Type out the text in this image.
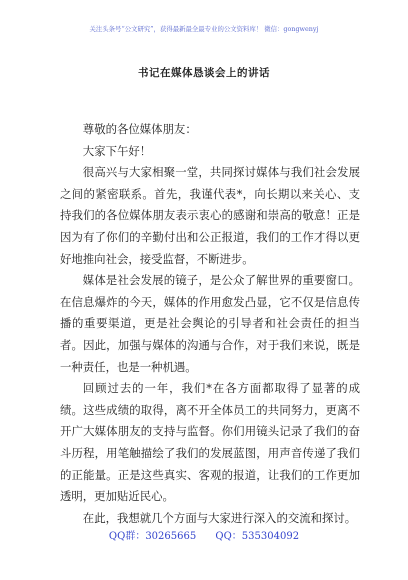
关注头条号“公文研究”，获得最新最全最专业的公文资料库！ 微信：gongwenyj
书记在媒体恳谈会上的讲话

尊敬的各位媒体朋友：

大家下午好！

很高兴与大家相聚一堂，共同探讨媒体与我们社会发展之间的紧密联系。首先，我谨代表*，向长期以来关心、支持我们的各位媒体朋友表示衷心的感谢和崇高的敬意！正是因为有了你们的辛勤付出和公正报道，我们的工作才得以更好地推向社会，接受监督，不断进步。

媒体是社会发展的镜子，是公众了解世界的重要窗口。在信息爆炸的今天，媒体的作用愈发凸显，它不仅是信息传播的重要渠道，更是社会舆论的引导者和社会责任的担当者。因此，加强与媒体的沟通与合作，对于我们来说，既是一种责任，也是一种机遇。

回顾过去的一年，我们*在各方面都取得了显著的成绩。这些成绩的取得，离不开全体员工的共同努力，更离不开广大媒体朋友的支持与监督。你们用镜头记录了我们的奋斗历程，用笔触描绘了我们的发展蓝图，用声音传递了我们的正能量。正是这些真实、客观的报道，让我们的工作更加透明，更加贴近民心。

在此，我想就几个方面与大家进行深入的交流和探讨。

QQ群：30265665 QQ：535304092
